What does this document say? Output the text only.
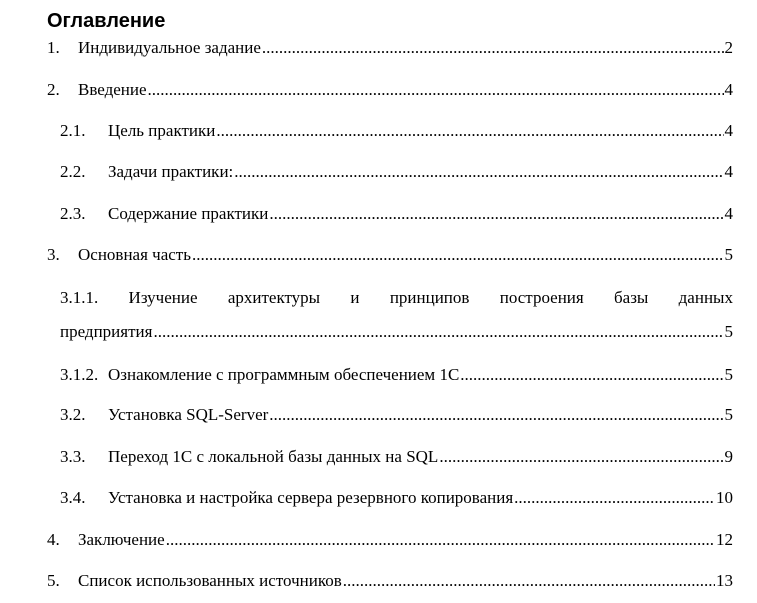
Оглавление
1.	Индивидуальное задание .....	2
2.	Введение .....	4
2.1.	Цель практики .....	4
2.2.	Задачи практики: .....	4
2.3.	Содержание практики .....	4
3.	Основная часть .....	5
3.1.1. Изучение архитектуры и принципов построения базы данных
предприятия .....	5
3.1.2. Ознакомление с программным обеспечением 1С .....	5
3.2.	Установка SQL-Server .....	5
3.3.	Переход 1С с локальной базы данных на SQL .....	9
3.4.	Установка и настройка сервера резервного копирования .....	10
4.	Заключение .....	12
5.	Список использованных источников .....	13
